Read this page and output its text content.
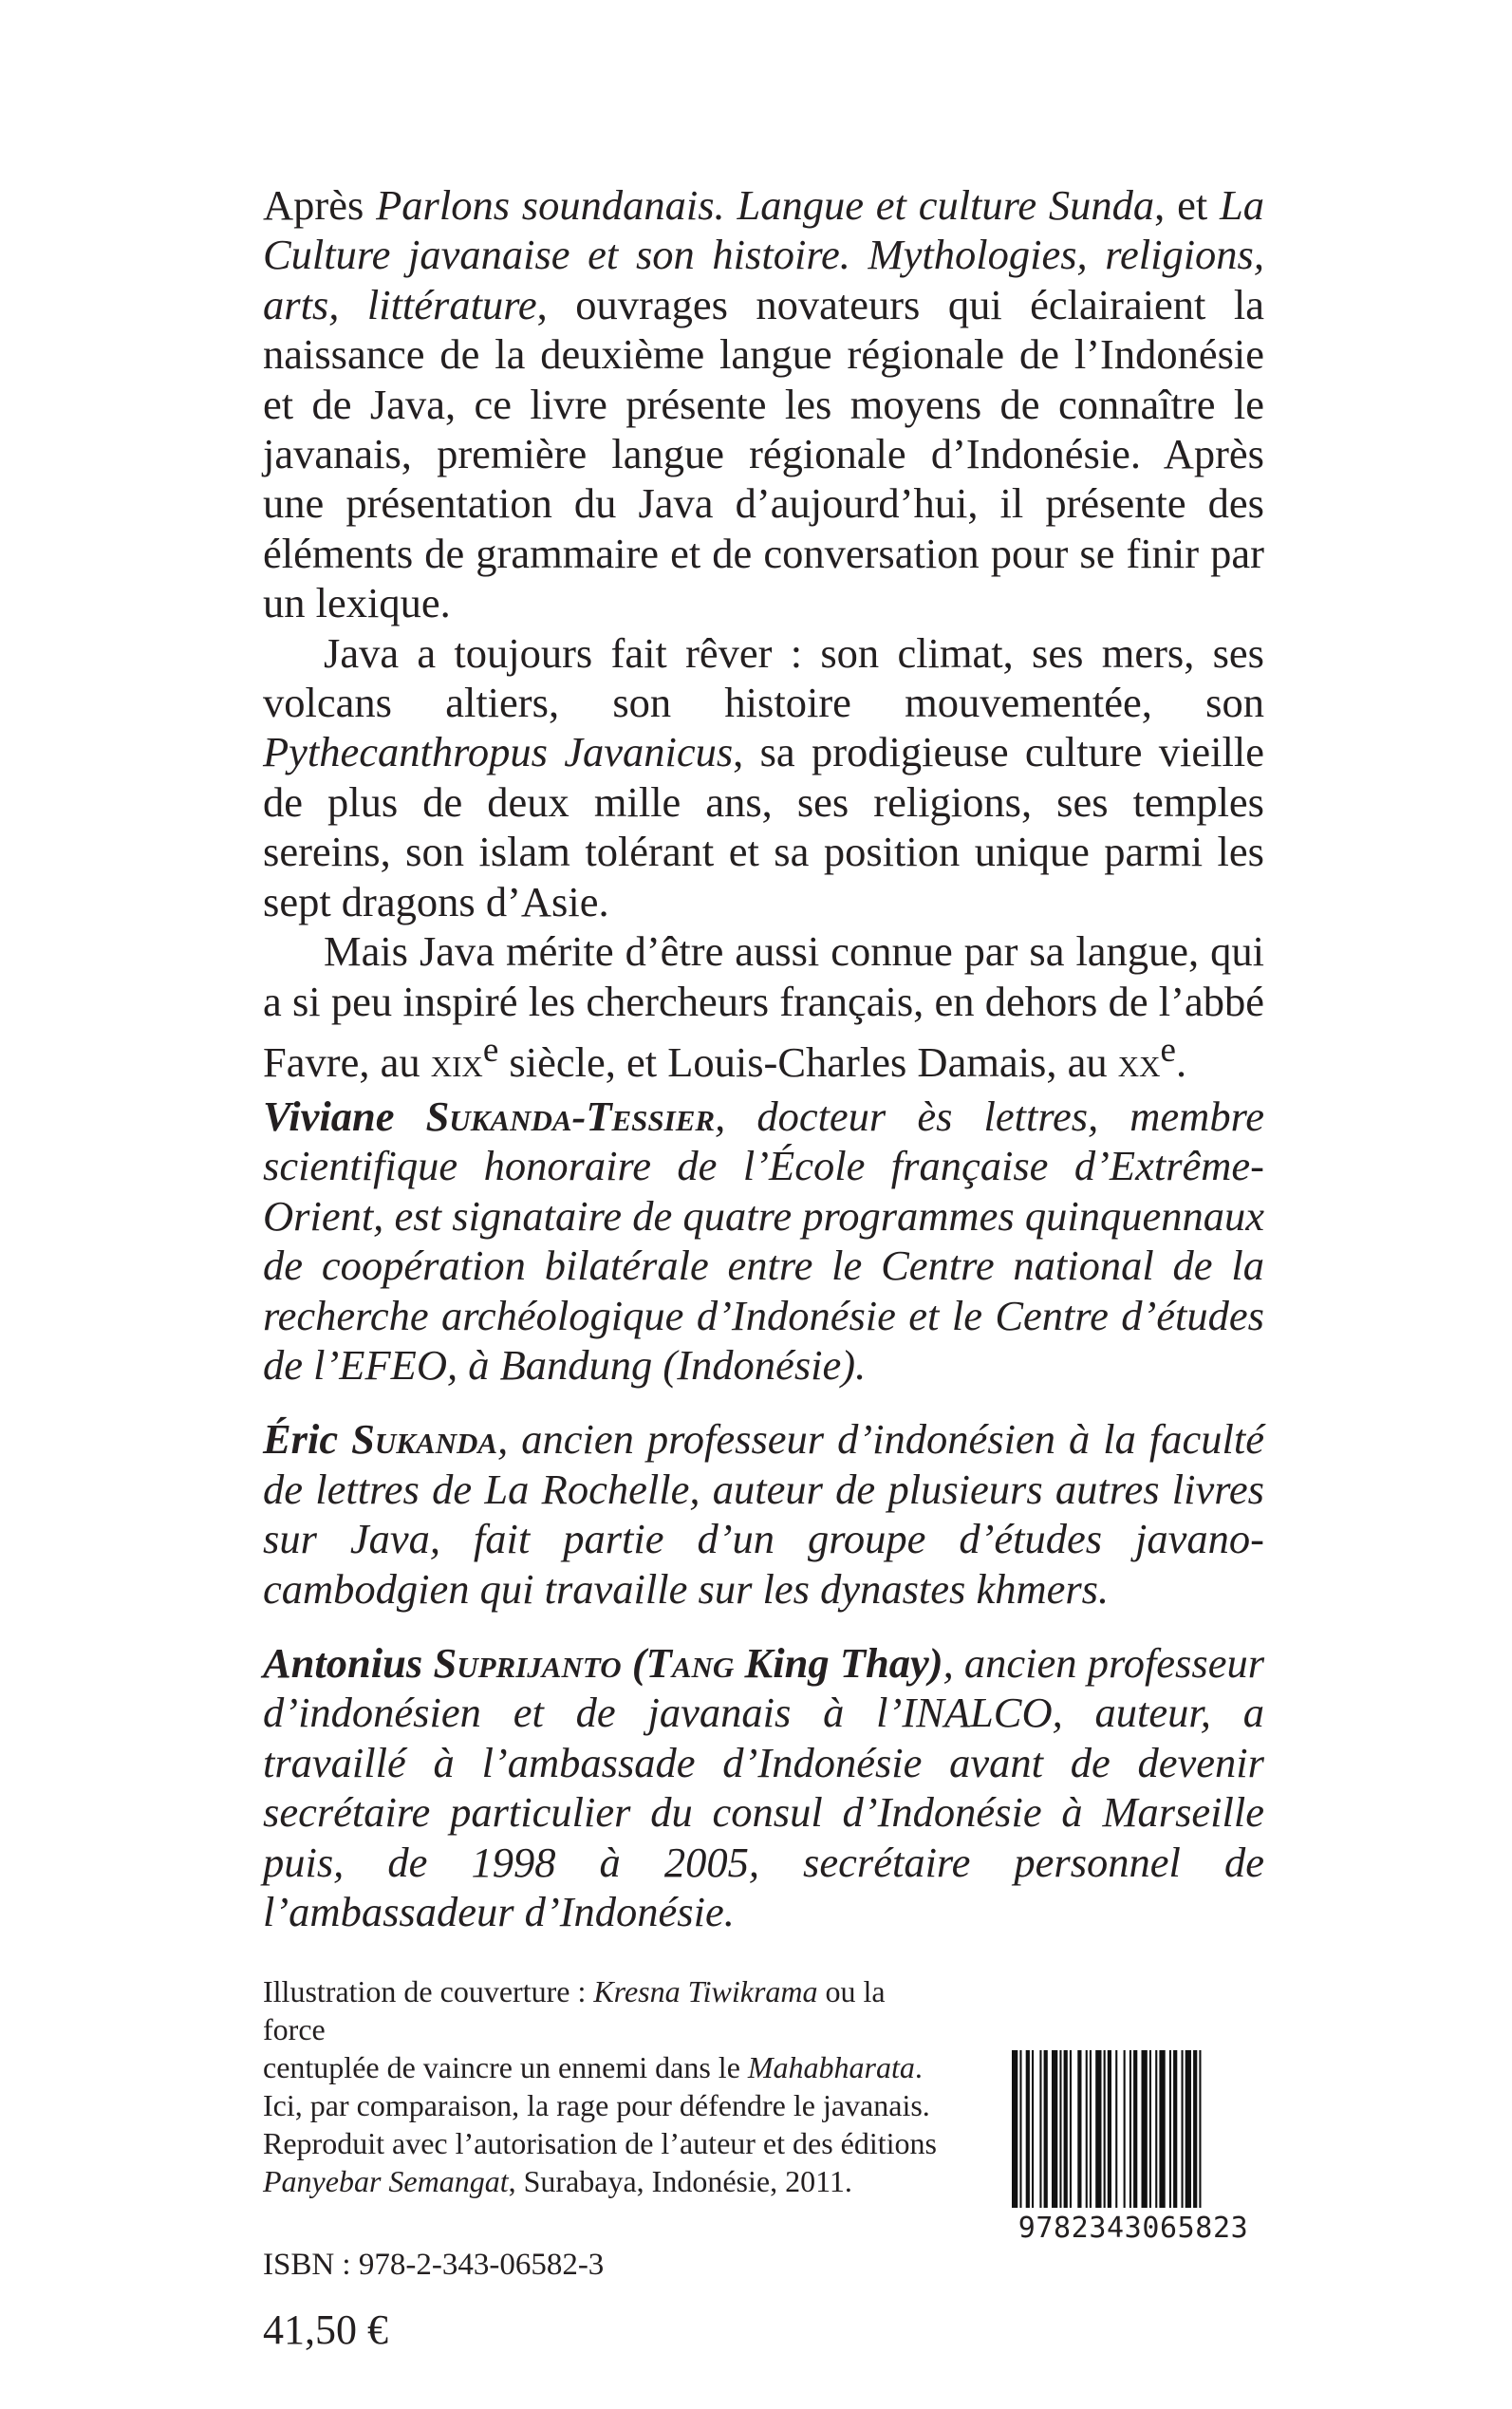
Après Parlons soundanais. Langue et culture Sunda, et La Culture javanaise et son histoire. Mythologies, religions, arts, littérature, ouvrages novateurs qui éclairaient la naissance de la deuxième langue régionale de l’Indonésie et de Java, ce livre présente les moyens de connaître le javanais, première langue régionale d’Indonésie. Après une présentation du Java d’aujourd’hui, il présente des éléments de grammaire et de conversation pour se finir par un lexique.

Java a toujours fait rêver : son climat, ses mers, ses volcans altiers, son histoire mouvementée, son Pythecanthropus Javanicus, sa prodigieuse culture vieille de plus de deux mille ans, ses religions, ses temples sereins, son islam tolérant et sa position unique parmi les sept dragons d’Asie.

Mais Java mérite d’être aussi connue par sa langue, qui a si peu inspiré les chercheurs français, en dehors de l’abbé Favre, au xix$^e$ siècle, et Louis-Charles Damais, au $xx^e$.

Viviane Sukanda-Tessier, docteur ès lettres, membre scientifique honoraire de l’École française d’Extrême-Orient, est signataire de quatre programmes quinquennaux de coopération bilatérale entre le Centre national de la recherche archéologique d’Indonésie et le Centre d’études de l’EFEO, à Bandung (Indonésie).

Éric Sukanda, ancien professeur d’indonésien à la faculté de lettres de La Rochelle, auteur de plusieurs autres livres sur Java, fait partie d’un groupe d’études javano-cambodgien qui travaille sur les dynastes khmers.

Antonius Suprijanto (Tang King Thay), ancien professeur d’indonésien et de javanais à l’INALCO, auteur, a travaillé à l’ambassade d’Indonésie avant de devenir secrétaire particulier du consul d’Indonésie à Marseille puis, de 1998 à 2005, secrétaire personnel de l’ambassadeur d’Indonésie.

Illustration de couverture : Kresna Tiwikrama ou la force

centuplée de vaincre un ennemi dans le Mahabharata.

Ici, par comparaison, la rage pour défendre le javanais.

Reproduit avec l’autorisation de l’auteur et des éditions

Panyebar Semangat, Surabaya, Indonésie, 2011.

ISBN : 978-2-343-06582-3
41,50 €
9782343065823
